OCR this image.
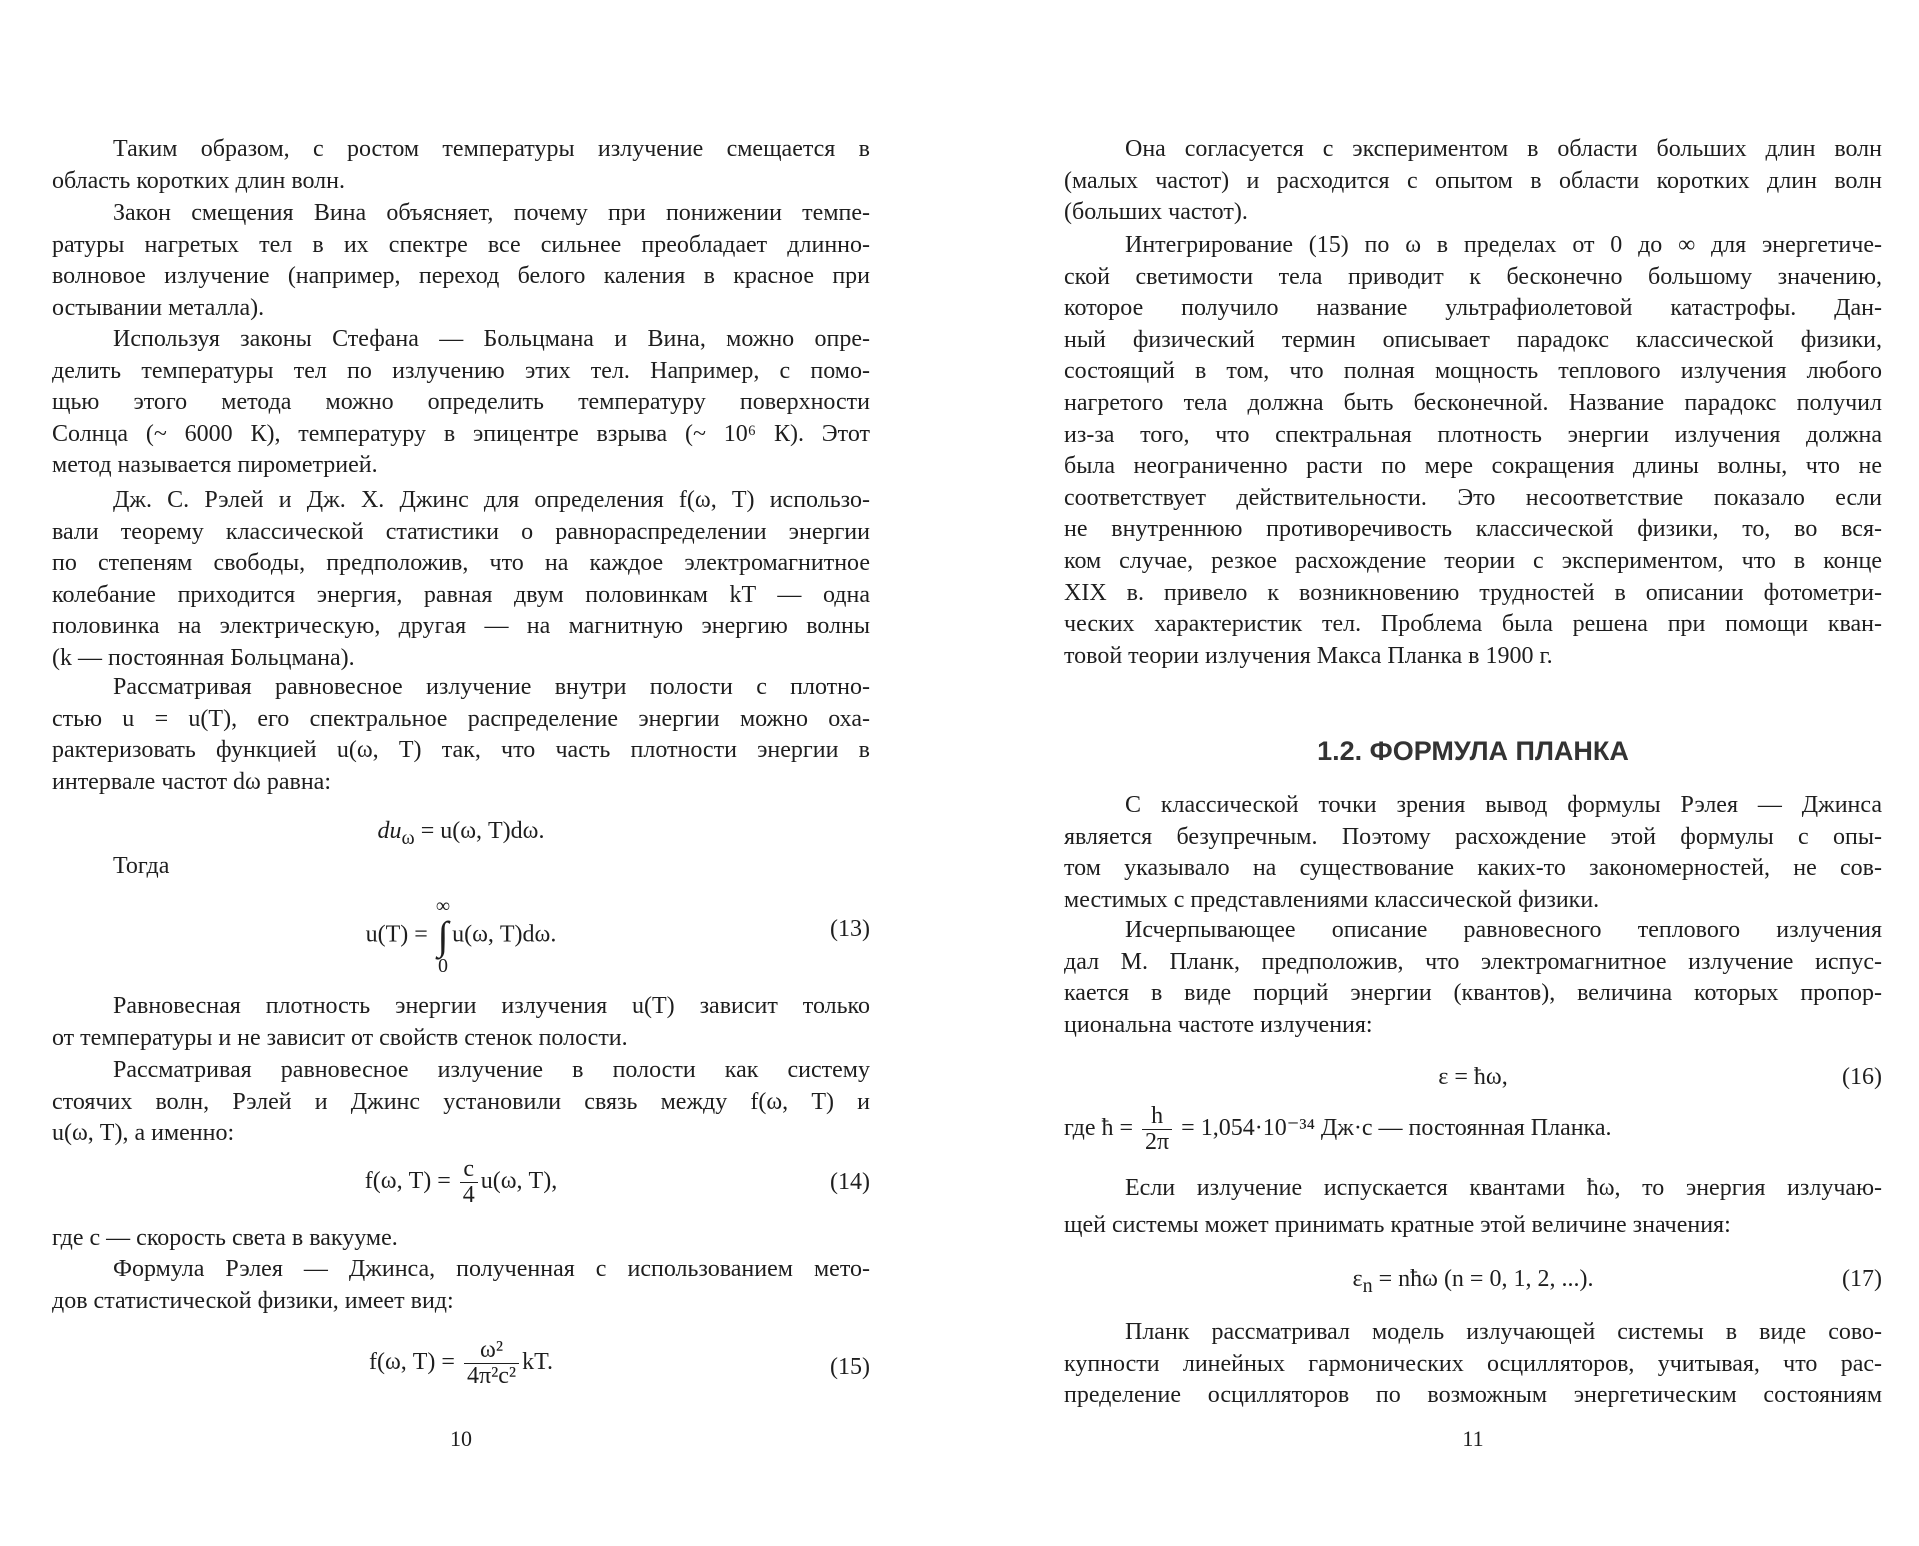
Таким образом, с ростом температуры излучение смещается в
область коротких длин волн.
Закон смещения Вина объясняет, почему при понижении темпе-
ратуры нагретых тел в их спектре все сильнее преобладает длинно-
волновое излучение (например, переход белого каления в красное при
остывании металла).
Используя законы Стефана — Больцмана и Вина, можно опре-
делить температуры тел по излучению этих тел. Например, с помо-
щью этого метода можно определить температуру поверхности
Солнца (~ 6000 К), температуру в эпицентре взрыва (~ 10⁶ К). Этот
метод называется пирометрией.
Дж. С. Рэлей и Дж. Х. Джинс для определения f(ω, T) использо-
вали теорему классической статистики о равнораспределении энергии
по степеням свободы, предположив, что на каждое электромагнитное
колебание приходится энергия, равная двум половинкам kT — одна
половинка на электрическую, другая — на магнитную энергию волны
(k — постоянная Больцмана).
Рассматривая равновесное излучение внутри полости с плотно-
стью u = u(T), его спектральное распределение энергии можно оха-
рактеризовать функцией u(ω, T) так, что часть плотности энергии в
интервале частот dω равна:
$du_\omega = u(\omega$, T)dω.
Тогда
u(T) =
∞
∫
0
u(ω, T)dω.	(13)
Равновесная плотность энергии излучения u(T) зависит только
от температуры и не зависит от свойств стенок полости.
Рассматривая равновесное излучение в полости как систему
стоячих волн, Рэлей и Джинс установили связь между f(ω, T) и
u(ω, T), а именно:
f(ω, $T) = \frac{c}{4} u(\omega$, T),	(14)
где c — скорость света в вакууме.
Формула Рэлея — Джинса, полученная с использованием мето-
дов статистической физики, имеет вид:
f(ω, $T) = \frac{\text{ω²}}{\text{4π²c²}}$ kT.	(15)
10
Она согласуется с экспериментом в области больших длин волн
(малых частот) и расходится с опытом в области коротких длин волн
(больших частот).
Интегрирование (15) по ω в пределах от 0 до ∞ для энергетиче-
ской светимости тела приводит к бесконечно большому значению,
которое получило название ультрафиолетовой катастрофы. Дан-
ный физический термин описывает парадокс классической физики,
состоящий в том, что полная мощность теплового излучения любого
нагретого тела должна быть бесконечной. Название парадокс получил
из-за того, что спектральная плотность энергии излучения должна
была неограниченно расти по мере сокращения длины волны, что не
соответствует действительности. Это несоответствие показало если
не внутреннюю противоречивость классической физики, то, во вся-
ком случае, резкое расхождение теории с экспериментом, что в конце
XIX в. привело к возникновению трудностей в описании фотометри-
ческих характеристик тел. Проблема была решена при помощи кван-
товой теории излучения Макса Планка в 1900 г.
1.2. ФОРМУЛА ПЛАНКА
С классической точки зрения вывод формулы Рэлея — Джинса
является безупречным. Поэтому расхождение этой формулы с опы-
том указывало на существование каких-то закономерностей, не сов-
местимых с представлениями классической физики.
Исчерпывающее описание равновесного теплового излучения
дал М. Планк, предположив, что электромагнитное излучение испус-
кается в виде порций энергии (квантов), величина которых пропор-
циональна частоте излучения:
ε = ħω,	(16)
где ħ = $\frac{h}{2\pi} = 1,054\cdot 10^{-34}$ Дж·с — постоянная Планка.
Если излучение испускается квантами ħω, то энергия излучаю-
щей системы может принимать кратные этой величине значения:
$\varepsilon_n$ = nħω (n = 0, 1, 2, ...).	(17)
Планк рассматривал модель излучающей системы в виде сово-
купности линейных гармонических осцилляторов, учитывая, что рас-
пределение осцилляторов по возможным энергетическим состояниям
11
